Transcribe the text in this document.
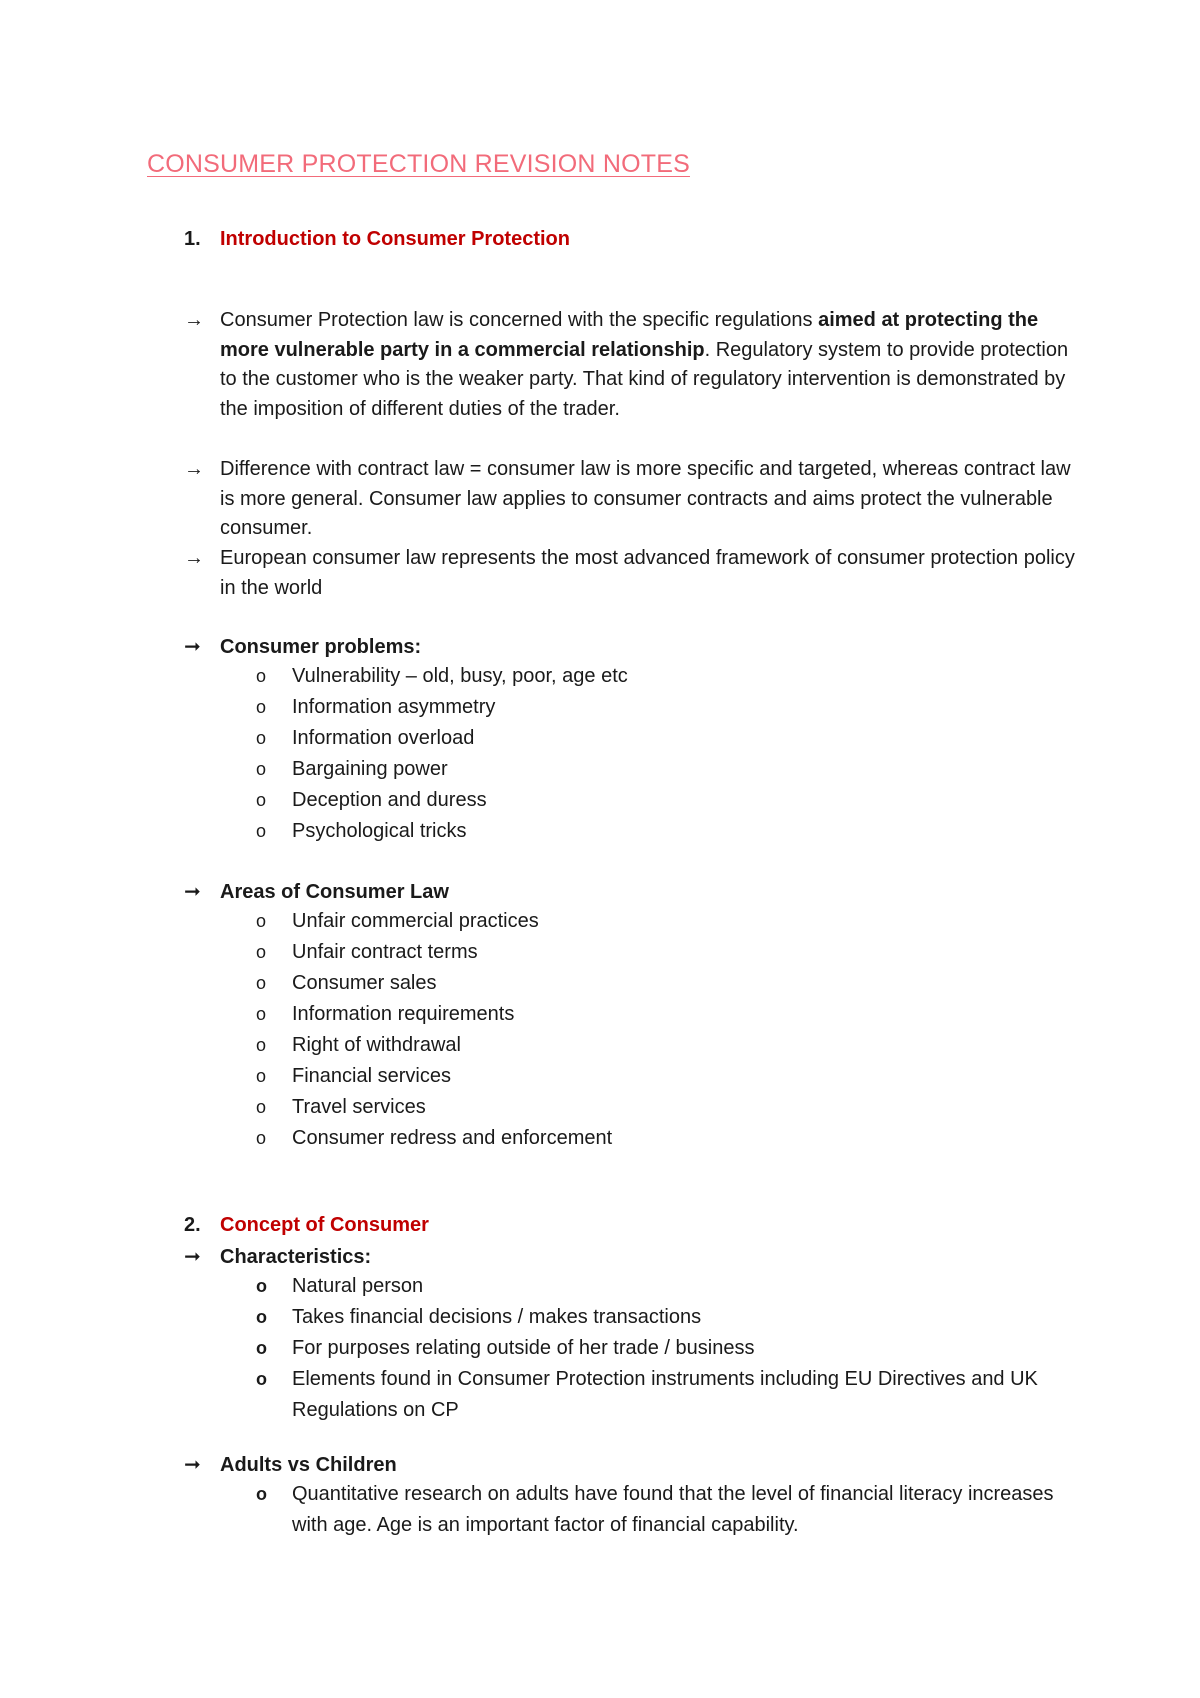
CONSUMER PROTECTION REVISION NOTES
1. Introduction to Consumer Protection
→ Consumer Protection law is concerned with the specific regulations aimed at protecting the more vulnerable party in a commercial relationship. Regulatory system to provide protection to the customer who is the weaker party. That kind of regulatory intervention is demonstrated by the imposition of different duties of the trader.
→ Difference with contract law = consumer law is more specific and targeted, whereas contract law is more general. Consumer law applies to consumer contracts and aims protect the vulnerable consumer.
→ European consumer law represents the most advanced framework of consumer protection policy in the world
➞ Consumer problems:
o Vulnerability – old, busy, poor, age etc
o Information asymmetry
o Information overload
o Bargaining power
o Deception and duress
o Psychological tricks
➞ Areas of Consumer Law
o Unfair commercial practices
o Unfair contract terms
o Consumer sales
o Information requirements
o Right of withdrawal
o Financial services
o Travel services
o Consumer redress and enforcement
2. Concept of Consumer
➞ Characteristics:
o Natural person
o Takes financial decisions / makes transactions
o For purposes relating outside of her trade / business
o Elements found in Consumer Protection instruments including EU Directives and UK Regulations on CP
➞ Adults vs Children
o Quantitative research on adults have found that the level of financial literacy increases with age. Age is an important factor of financial capability.
